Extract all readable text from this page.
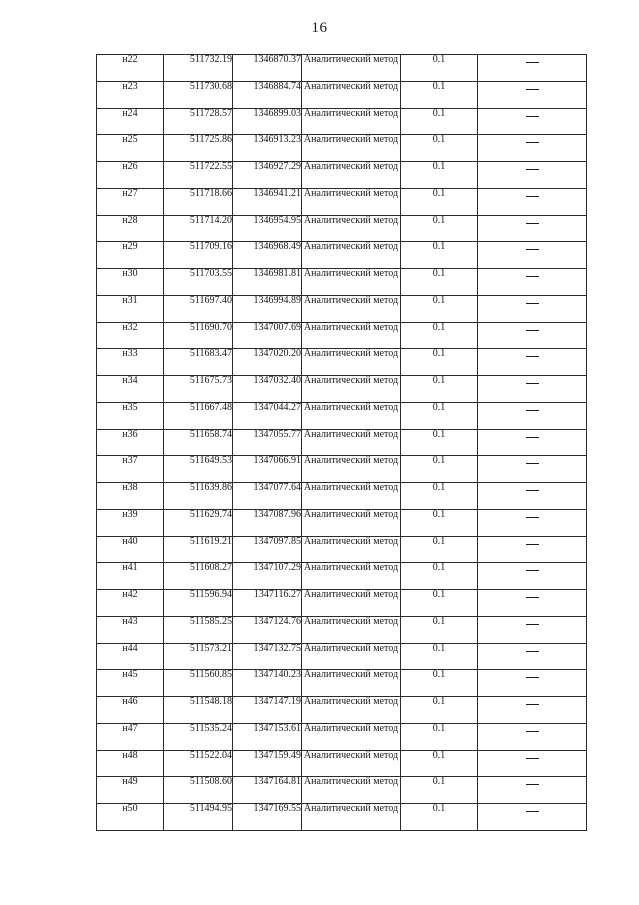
16
н22	511732.19	1346870.37	Аналитический метод	0.1	
н23	511730.68	1346884.74	Аналитический метод	0.1	
н24	511728.57	1346899.03	Аналитический метод	0.1	
н25	511725.86	1346913.23	Аналитический метод	0.1	
н26	511722.55	1346927.29	Аналитический метод	0.1	
н27	511718.66	1346941.21	Аналитический метод	0.1	
н28	511714.20	1346954.95	Аналитический метод	0.1	
н29	511709.16	1346968.49	Аналитический метод	0.1	
н30	511703.55	1346981.81	Аналитический метод	0.1	
н31	511697.40	1346994.89	Аналитический метод	0.1	
н32	511690.70	1347007.69	Аналитический метод	0.1	
н33	511683.47	1347020.20	Аналитический метод	0.1	
н34	511675.73	1347032.40	Аналитический метод	0.1	
н35	511667.48	1347044.27	Аналитический метод	0.1	
н36	511658.74	1347055.77	Аналитический метод	0.1	
н37	511649.53	1347066.91	Аналитический метод	0.1	
н38	511639.86	1347077.64	Аналитический метод	0.1	
н39	511629.74	1347087.96	Аналитический метод	0.1	
н40	511619.21	1347097.85	Аналитический метод	0.1	
н41	511608.27	1347107.29	Аналитический метод	0.1	
н42	511596.94	1347116.27	Аналитический метод	0.1	
н43	511585.25	1347124.76	Аналитический метод	0.1	
н44	511573.21	1347132.75	Аналитический метод	0.1	
н45	511560.85	1347140.23	Аналитический метод	0.1	
н46	511548.18	1347147.19	Аналитический метод	0.1	
н47	511535.24	1347153.61	Аналитический метод	0.1	
н48	511522.04	1347159.49	Аналитический метод	0.1	
н49	511508.60	1347164.81	Аналитический метод	0.1	
н50	511494.95	1347169.55	Аналитический метод	0.1	
